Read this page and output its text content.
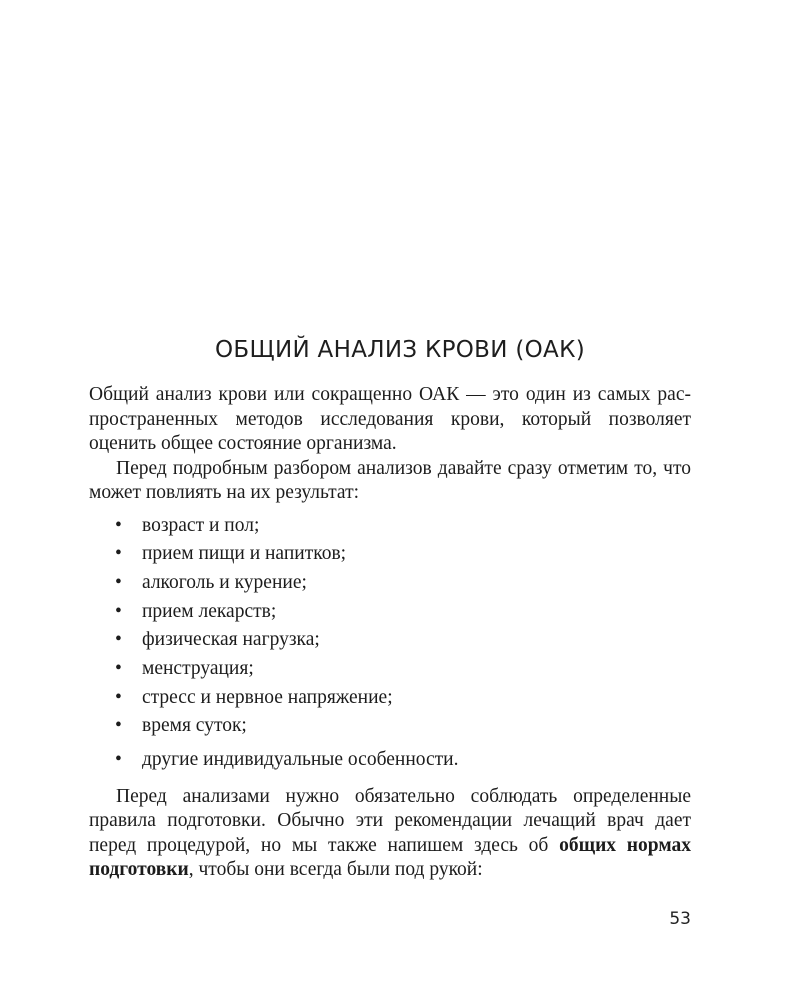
ОБЩИЙ АНАЛИЗ КРОВИ (ОАК)

Общий анализ крови или сокращенно ОАК — это один из самых распространенных методов исследования крови, который позволяет оценить общее состояние организма.

Перед подробным разбором анализов давайте сразу отметим то, что может повлиять на их результат:

• возраст и пол;
• прием пищи и напитков;
• алкоголь и курение;
• прием лекарств;
• физическая нагрузка;
• менструация;
• стресс и нервное напряжение;
• время суток;
• другие индивидуальные особенности.

Перед анализами нужно обязательно соблюдать определенные правила подготовки. Обычно эти рекомендации лечащий врач дает перед процедурой, но мы также напишем здесь об общих нормах подготовки, чтобы они всегда были под рукой:

53
